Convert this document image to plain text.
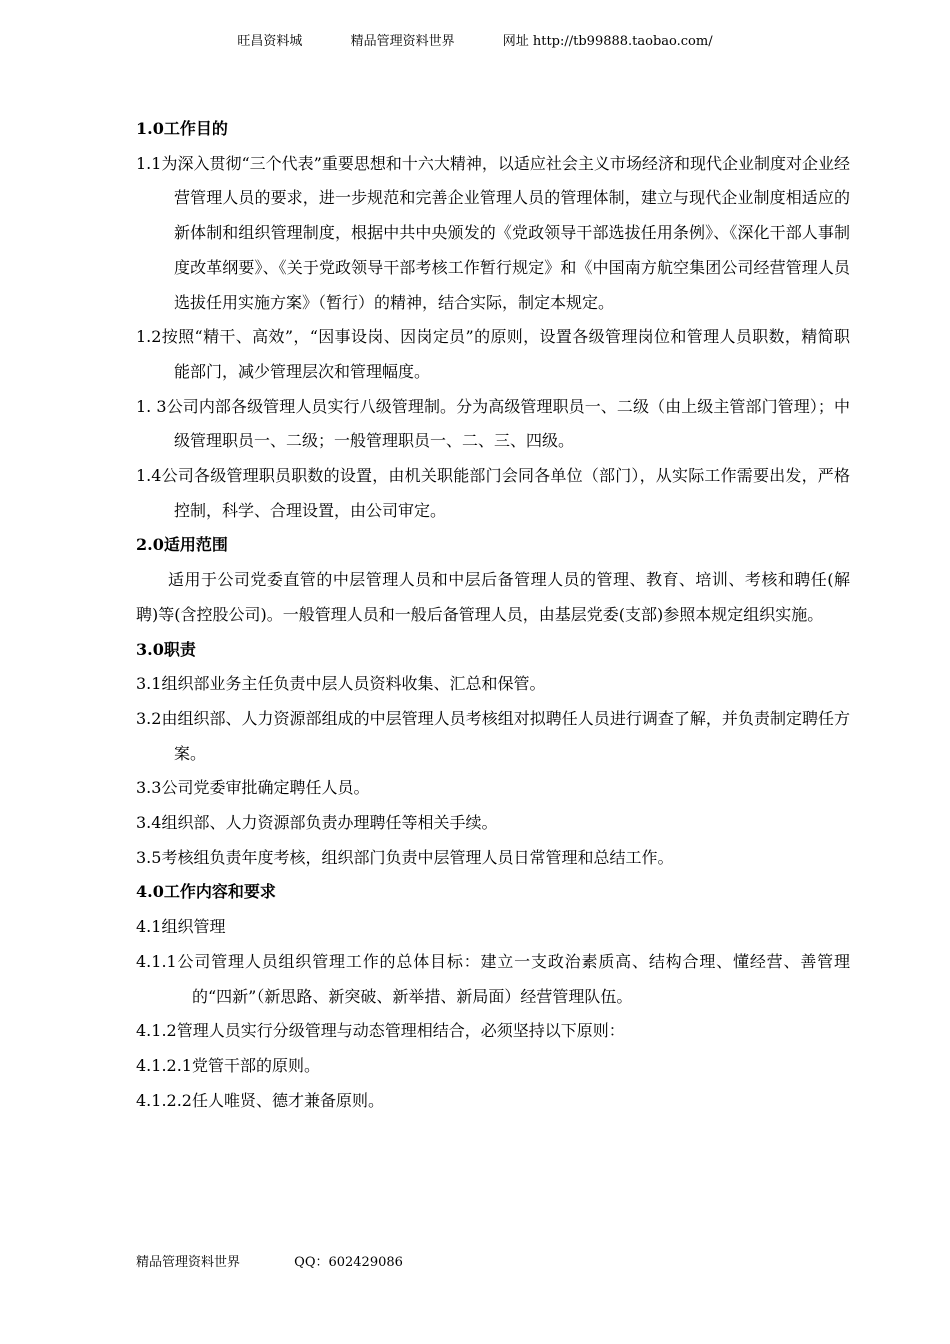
旺昌资料城	精品管理资料世界	网址 http://tb99888.taobao.com/

1.0工作目的

1.1为深入贯彻“三个代表”重要思想和十六大精神，以适应社会主义市场经济和现代企业制度对企业经营管理人员的要求，进一步规范和完善企业管理人员的管理体制，建立与现代企业制度相适应的新体制和组织管理制度，根据中共中央颁发的《党政领导干部选拔任用条例》、《深化干部人事制度改革纲要》、《关于党政领导干部考核工作暂行规定》和《中国南方航空集团公司经营管理人员选拔任用实施方案》（暂行）的精神，结合实际，制定本规定。

1.2按照“精干、高效”，“因事设岗、因岗定员”的原则，设置各级管理岗位和管理人员职数，精简职能部门，减少管理层次和管理幅度。

1. 3公司内部各级管理人员实行八级管理制。分为高级管理职员一、二级（由上级主管部门管理）；中级管理职员一、二级；一般管理职员一、二、三、四级。

1.4公司各级管理职员职数的设置，由机关职能部门会同各单位（部门），从实际工作需要出发，严格控制，科学、合理设置，由公司审定。

2.0适用范围

适用于公司党委直管的中层管理人员和中层后备管理人员的管理、教育、培训、考核和聘任(解聘)等(含控股公司)。一般管理人员和一般后备管理人员，由基层党委(支部)参照本规定组织实施。

3.0职责

3.1组织部业务主任负责中层人员资料收集、汇总和保管。

3.2由组织部、人力资源部组成的中层管理人员考核组对拟聘任人员进行调查了解，并负责制定聘任方案。

3.3公司党委审批确定聘任人员。

3.4组织部、人力资源部负责办理聘任等相关手续。

3.5考核组负责年度考核，组织部门负责中层管理人员日常管理和总结工作。

4.0工作内容和要求

4.1组织管理

4.1.1公司管理人员组织管理工作的总体目标：建立一支政治素质高、结构合理、懂经营、善管理的“四新”（新思路、新突破、新举措、新局面）经营管理队伍。

4.1.2管理人员实行分级管理与动态管理相结合，必须坚持以下原则：

4.1.2.1党管干部的原则。

4.1.2.2任人唯贤、德才兼备原则。

精品管理资料世界	QQ：602429086
